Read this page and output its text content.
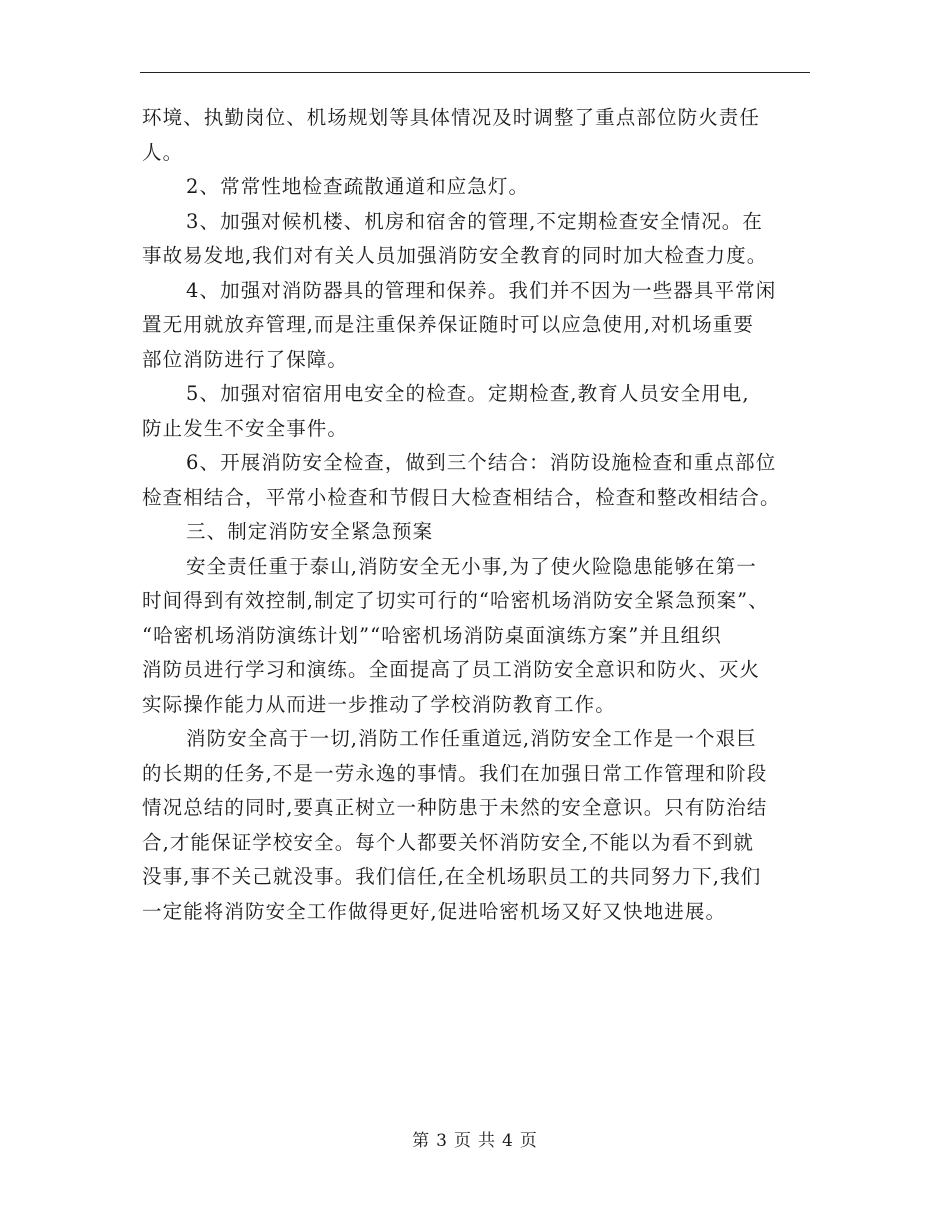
环境、执勤岗位、机场规划等具体情况及时调整了重点部位防火责任
人。
2、常常性地检查疏散通道和应急灯。
3、加强对候机楼、机房和宿舍的管理,不定期检查安全情况。在
事故易发地,我们对有关人员加强消防安全教育的同时加大检查力度。
4、加强对消防器具的管理和保养。我们并不因为一些器具平常闲
置无用就放弃管理,而是注重保养保证随时可以应急使用,对机场重要
部位消防进行了保障。
5、加强对宿宿用电安全的检查。定期检查,教育人员安全用电,
防止发生不安全事件。
6、开展消防安全检查，做到三个结合：消防设施检查和重点部位
检查相结合，平常小检查和节假日大检查相结合，检查和整改相结合。
三、制定消防安全紧急预案
安全责任重于泰山,消防安全无小事,为了使火险隐患能够在第一
时间得到有效控制,制定了切实可行的“哈密机场消防安全紧急预案”、
“哈密机场消防演练计划”“哈密机场消防桌面演练方案”并且组织
消防员进行学习和演练。全面提高了员工消防安全意识和防火、灭火
实际操作能力从而进一步推动了学校消防教育工作。
消防安全高于一切,消防工作任重道远,消防安全工作是一个艰巨
的长期的任务,不是一劳永逸的事情。我们在加强日常工作管理和阶段
情况总结的同时,要真正树立一种防患于未然的安全意识。只有防治结
合,才能保证学校安全。每个人都要关怀消防安全,不能以为看不到就
没事,事不关己就没事。我们信任,在全机场职员工的共同努力下,我们
一定能将消防安全工作做得更好,促进哈密机场又好又快地进展。
第 3 页 共 4 页
